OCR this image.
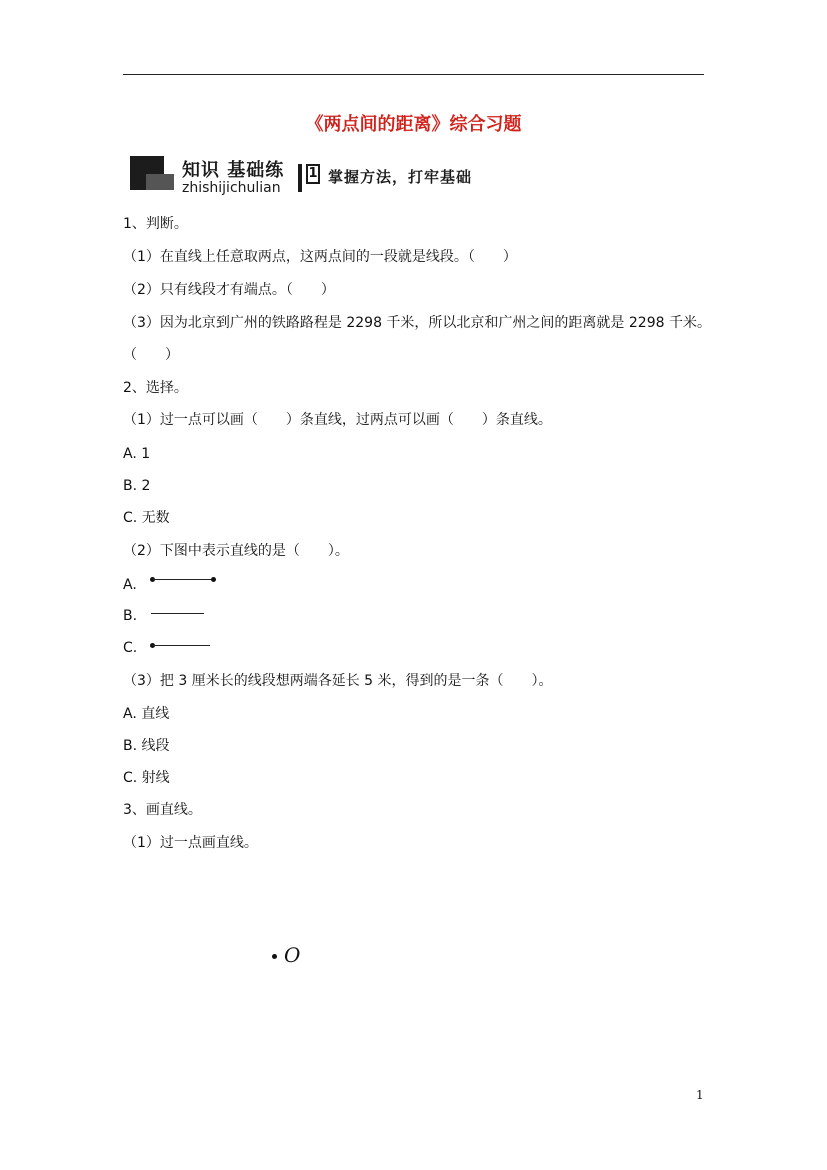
《两点间的距离》综合习题
知识 基础练
zhishijichulian
1 掌握方法，打牢基础
1、判断。
（1）在直线上任意取两点，这两点间的一段就是线段。（　　）
（2）只有线段才有端点。（　　）
（3）因为北京到广州的铁路路程是 2298 千米，所以北京和广州之间的距离就是 2298 千米。
（　　）
2、选择。
（1）过一点可以画（　　）条直线，过两点可以画（　　）条直线。
A. 1
B. 2
C. 无数
（2）下图中表示直线的是（　　）。
A.
B.
C.
（3）把 3 厘米长的线段想两端各延长 5 米，得到的是一条（　　）。
A. 直线
B. 线段
C. 射线
3、画直线。
（1）过一点画直线。
O
1
